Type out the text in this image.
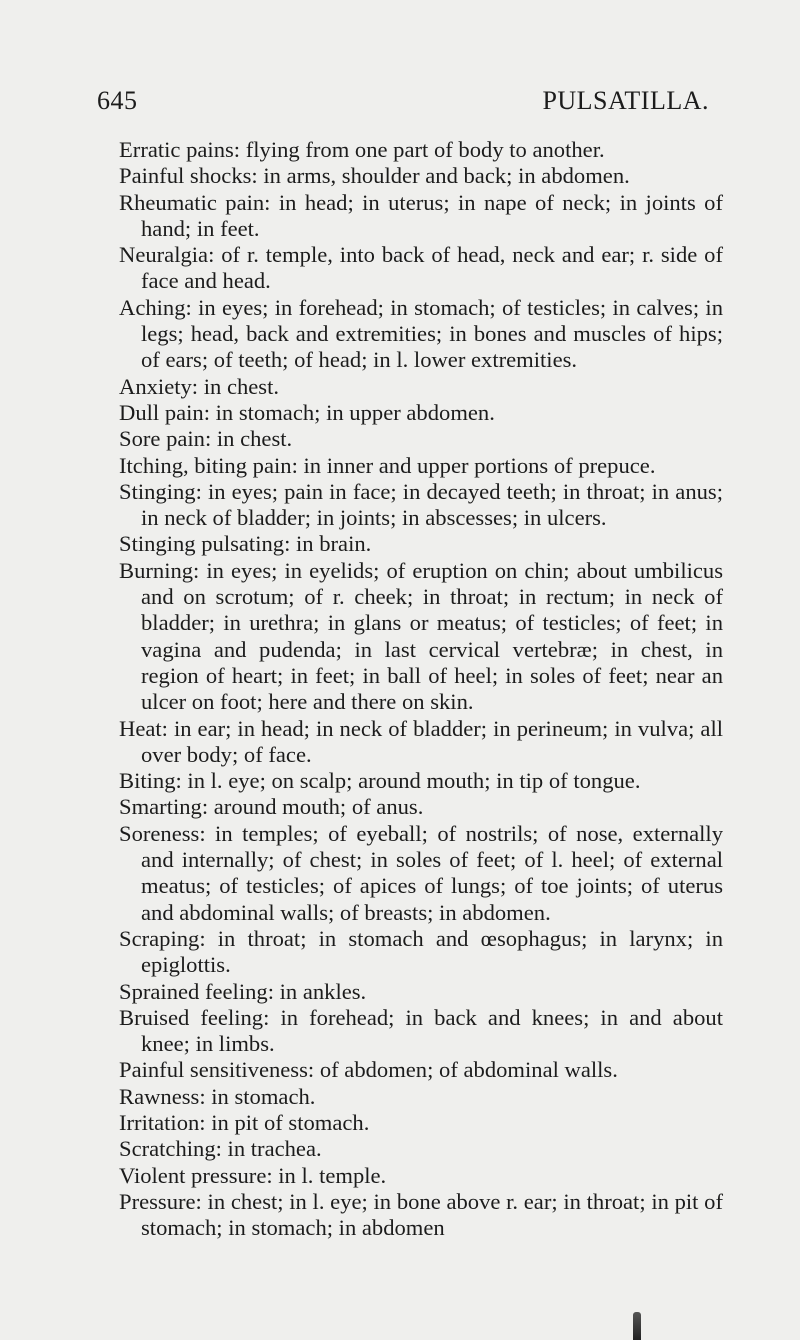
645	PULSATILLA.
Erratic pains: flying from one part of body to another.
Painful shocks: in arms, shoulder and back; in abdomen.
Rheumatic pain: in head; in uterus; in nape of neck; in joints of hand; in feet.
Neuralgia: of r. temple, into back of head, neck and ear; r. side of face and head.
Aching: in eyes; in forehead; in stomach; of testicles; in calves; in legs; head, back and extremities; in bones and muscles of hips; of ears; of teeth; of head; in l. lower extremities.
Anxiety: in chest.
Dull pain: in stomach; in upper abdomen.
Sore pain: in chest.
Itching, biting pain: in inner and upper portions of prepuce.
Stinging: in eyes; pain in face; in decayed teeth; in throat; in anus; in neck of bladder; in joints; in abscesses; in ulcers.
Stinging pulsating: in brain.
Burning: in eyes; in eyelids; of eruption on chin; about umbilicus and on scrotum; of r. cheek; in throat; in rectum; in neck of bladder; in urethra; in glans or meatus; of testicles; of feet; in vagina and pudenda; in last cervical vertebræ; in chest, in region of heart; in feet; in ball of heel; in soles of feet; near an ulcer on foot; here and there on skin.
Heat: in ear; in head; in neck of bladder; in perineum; in vulva; all over body; of face.
Biting: in l. eye; on scalp; around mouth; in tip of tongue.
Smarting: around mouth; of anus.
Soreness: in temples; of eyeball; of nostrils; of nose, externally and internally; of chest; in soles of feet; of l. heel; of external meatus; of testicles; of apices of lungs; of toe joints; of uterus and abdominal walls; of breasts; in abdomen.
Scraping: in throat; in stomach and œsophagus; in larynx; in epiglottis.
Sprained feeling: in ankles.
Bruised feeling: in forehead; in back and knees; in and about knee; in limbs.
Painful sensitiveness: of abdomen; of abdominal walls.
Rawness: in stomach.
Irritation: in pit of stomach.
Scratching: in trachea.
Violent pressure: in l. temple.
Pressure: in chest; in l. eye; in bone above r. ear; in throat; in pit of stomach; in stomach; in abdomen
